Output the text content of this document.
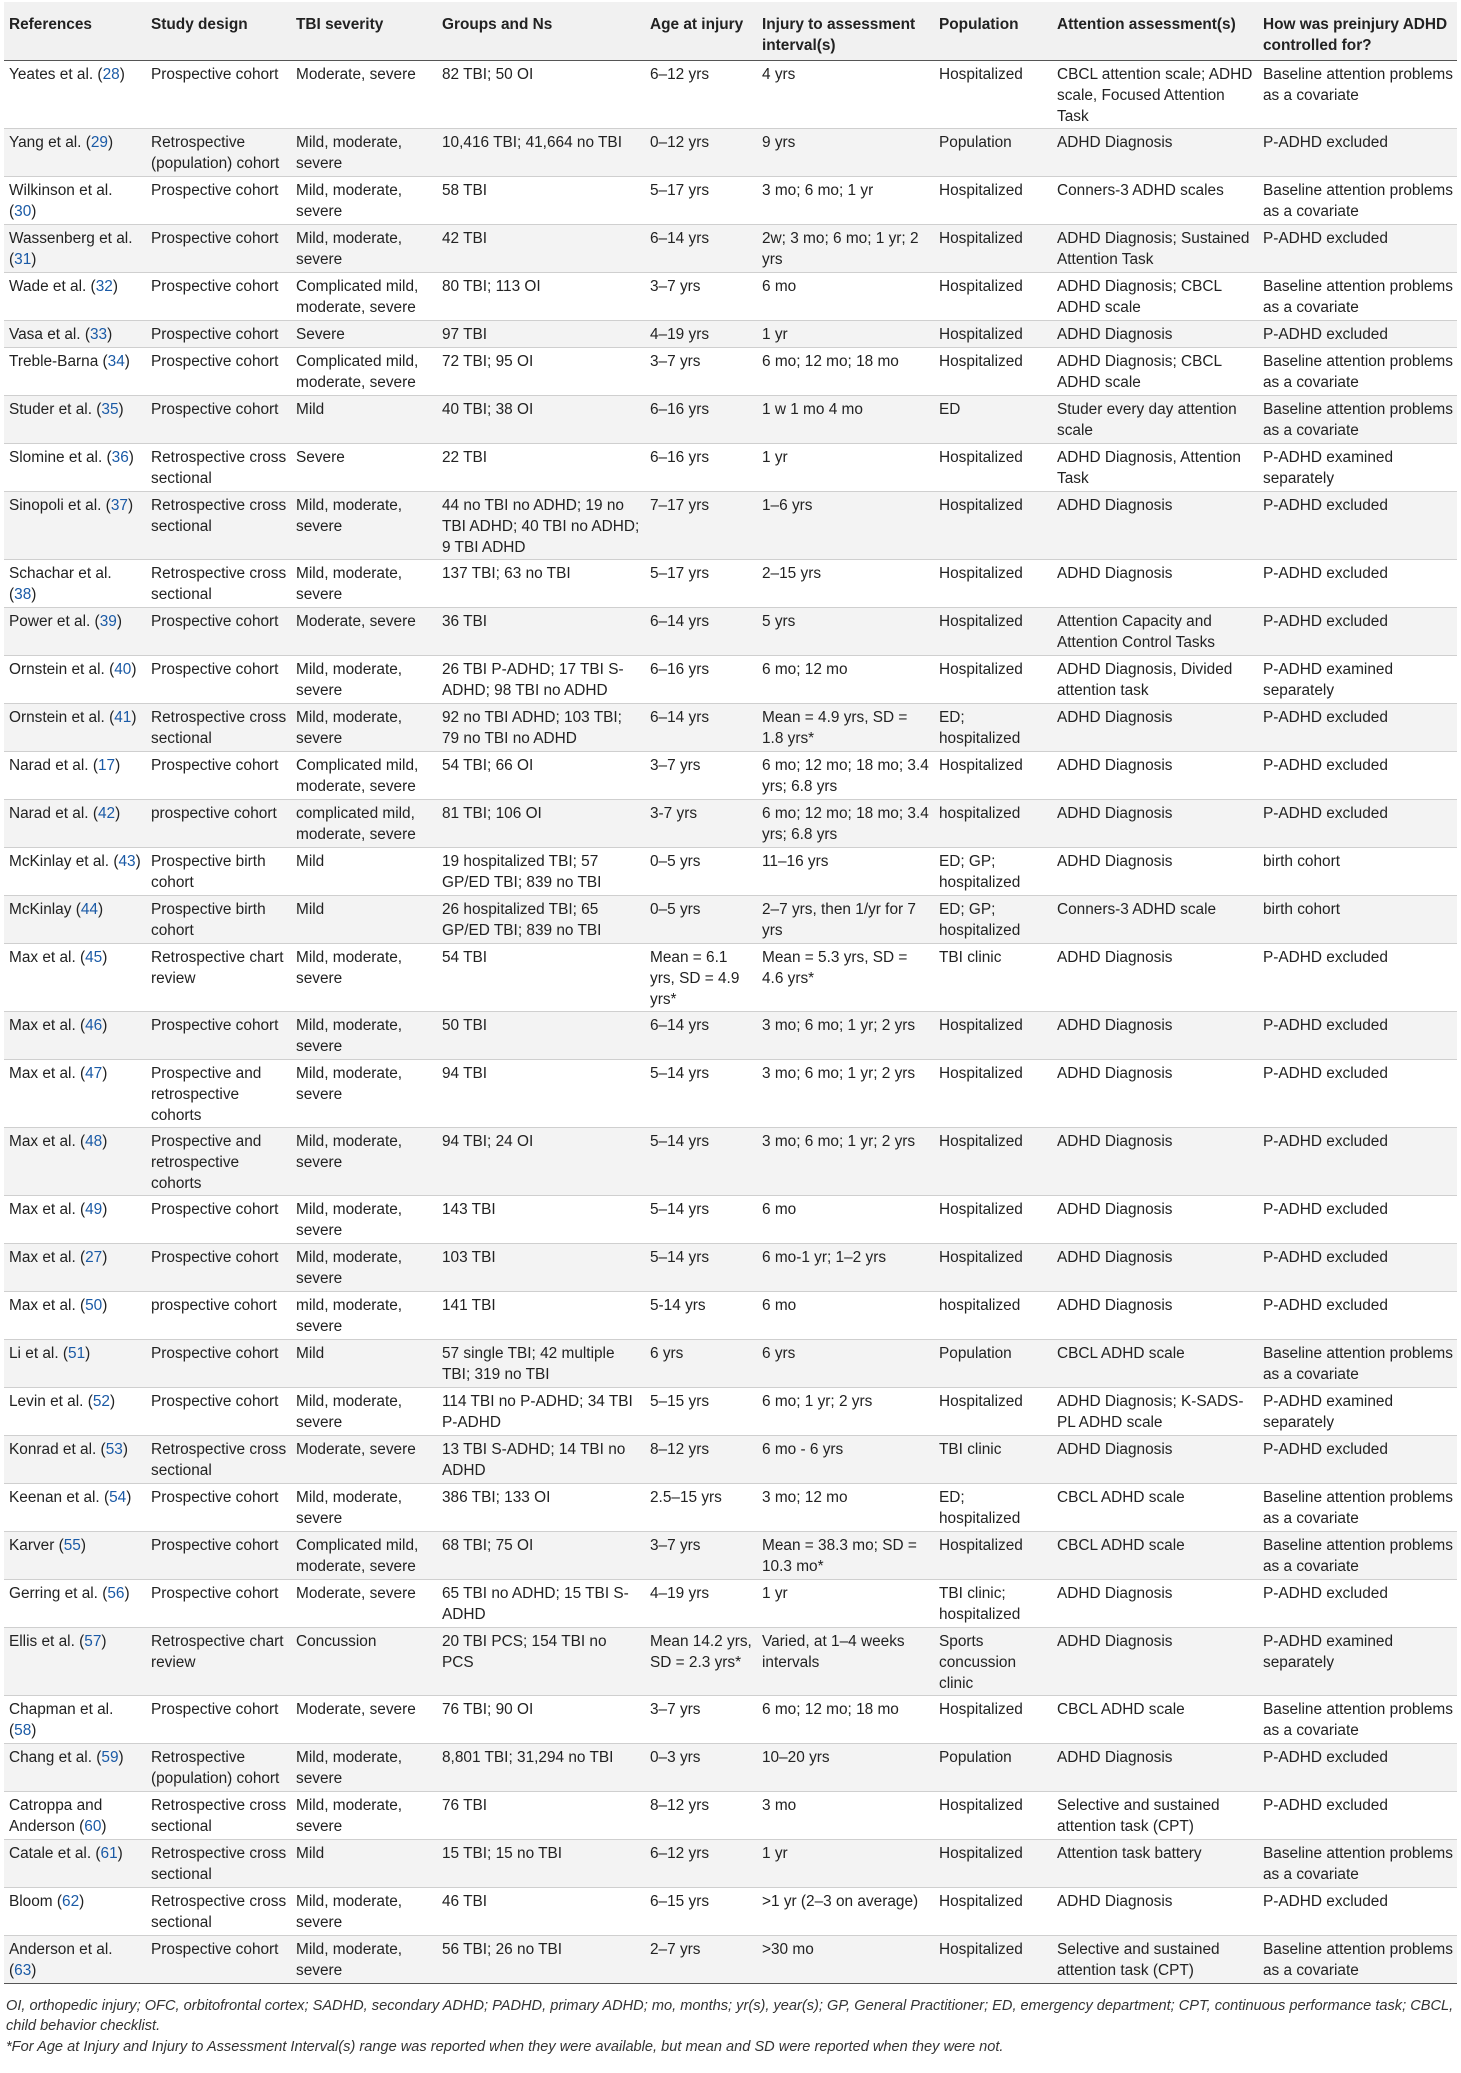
References	Study design	TBI severity	Groups and Ns	Age at injury	Injury to assessment interval(s)	Population	Attention assessment(s)	How was preinjury ADHD controlled for?
Yeates et al. (28)	Prospective cohort	Moderate, severe	82 TBI; 50 OI	6–12 yrs	4 yrs	Hospitalized	CBCL attention scale; ADHD scale, Focused Attention Task	Baseline attention problems as a covariate
Yang et al. (29)	Retrospective (population) cohort	Mild, moderate, severe	10,416 TBI; 41,664 no TBI	0–12 yrs	9 yrs	Population	ADHD Diagnosis	P-ADHD excluded
Wilkinson et al. (30)	Prospective cohort	Mild, moderate, severe	58 TBI	5–17 yrs	3 mo; 6 mo; 1 yr	Hospitalized	Conners-3 ADHD scales	Baseline attention problems as a covariate
Wassenberg et al. (31)	Prospective cohort	Mild, moderate, severe	42 TBI	6–14 yrs	2w; 3 mo; 6 mo; 1 yr; 2 yrs	Hospitalized	ADHD Diagnosis; Sustained Attention Task	P-ADHD excluded
Wade et al. (32)	Prospective cohort	Complicated mild, moderate, severe	80 TBI; 113 OI	3–7 yrs	6 mo	Hospitalized	ADHD Diagnosis; CBCL ADHD scale	Baseline attention problems as a covariate
Vasa et al. (33)	Prospective cohort	Severe	97 TBI	4–19 yrs	1 yr	Hospitalized	ADHD Diagnosis	P-ADHD excluded
Treble-Barna (34)	Prospective cohort	Complicated mild, moderate, severe	72 TBI; 95 OI	3–7 yrs	6 mo; 12 mo; 18 mo	Hospitalized	ADHD Diagnosis; CBCL ADHD scale	Baseline attention problems as a covariate
Studer et al. (35)	Prospective cohort	Mild	40 TBI; 38 OI	6–16 yrs	1 w 1 mo 4 mo	ED	Studer every day attention scale	Baseline attention problems as a covariate
Slomine et al. (36)	Retrospective cross sectional	Severe	22 TBI	6–16 yrs	1 yr	Hospitalized	ADHD Diagnosis, Attention Task	P-ADHD examined separately
Sinopoli et al. (37)	Retrospective cross sectional	Mild, moderate, severe	44 no TBI no ADHD; 19 no TBI ADHD; 40 TBI no ADHD; 9 TBI ADHD	7–17 yrs	1–6 yrs	Hospitalized	ADHD Diagnosis	P-ADHD excluded
Schachar et al. (38)	Retrospective cross sectional	Mild, moderate, severe	137 TBI; 63 no TBI	5–17 yrs	2–15 yrs	Hospitalized	ADHD Diagnosis	P-ADHD excluded
Power et al. (39)	Prospective cohort	Moderate, severe	36 TBI	6–14 yrs	5 yrs	Hospitalized	Attention Capacity and Attention Control Tasks	P-ADHD excluded
Ornstein et al. (40)	Prospective cohort	Mild, moderate, severe	26 TBI P-ADHD; 17 TBI S-ADHD; 98 TBI no ADHD	6–16 yrs	6 mo; 12 mo	Hospitalized	ADHD Diagnosis, Divided attention task	P-ADHD examined separately
Ornstein et al. (41)	Retrospective cross sectional	Mild, moderate, severe	92 no TBI ADHD; 103 TBI; 79 no TBI no ADHD	6–14 yrs	Mean = 4.9 yrs, SD = 1.8 yrs*	ED; hospitalized	ADHD Diagnosis	P-ADHD excluded
Narad et al. (17)	Prospective cohort	Complicated mild, moderate, severe	54 TBI; 66 OI	3–7 yrs	6 mo; 12 mo; 18 mo; 3.4 yrs; 6.8 yrs	Hospitalized	ADHD Diagnosis	P-ADHD excluded
Narad et al. (42)	prospective cohort	complicated mild, moderate, severe	81 TBI; 106 OI	3-7 yrs	6 mo; 12 mo; 18 mo; 3.4 yrs; 6.8 yrs	hospitalized	ADHD Diagnosis	P-ADHD excluded
McKinlay et al. (43)	Prospective birth cohort	Mild	19 hospitalized TBI; 57 GP/ED TBI; 839 no TBI	0–5 yrs	11–16 yrs	ED; GP; hospitalized	ADHD Diagnosis	birth cohort
McKinlay (44)	Prospective birth cohort	Mild	26 hospitalized TBI; 65 GP/ED TBI; 839 no TBI	0–5 yrs	2–7 yrs, then 1/yr for 7 yrs	ED; GP; hospitalized	Conners-3 ADHD scale	birth cohort
Max et al. (45)	Retrospective chart review	Mild, moderate, severe	54 TBI	Mean = 6.1 yrs, SD = 4.9 yrs*	Mean = 5.3 yrs, SD = 4.6 yrs*	TBI clinic	ADHD Diagnosis	P-ADHD excluded
Max et al. (46)	Prospective cohort	Mild, moderate, severe	50 TBI	6–14 yrs	3 mo; 6 mo; 1 yr; 2 yrs	Hospitalized	ADHD Diagnosis	P-ADHD excluded
Max et al. (47)	Prospective and retrospective cohorts	Mild, moderate, severe	94 TBI	5–14 yrs	3 mo; 6 mo; 1 yr; 2 yrs	Hospitalized	ADHD Diagnosis	P-ADHD excluded
Max et al. (48)	Prospective and retrospective cohorts	Mild, moderate, severe	94 TBI; 24 OI	5–14 yrs	3 mo; 6 mo; 1 yr; 2 yrs	Hospitalized	ADHD Diagnosis	P-ADHD excluded
Max et al. (49)	Prospective cohort	Mild, moderate, severe	143 TBI	5–14 yrs	6 mo	Hospitalized	ADHD Diagnosis	P-ADHD excluded
Max et al. (27)	Prospective cohort	Mild, moderate, severe	103 TBI	5–14 yrs	6 mo-1 yr; 1–2 yrs	Hospitalized	ADHD Diagnosis	P-ADHD excluded
Max et al. (50)	prospective cohort	mild, moderate, severe	141 TBI	5-14 yrs	6 mo	hospitalized	ADHD Diagnosis	P-ADHD excluded
Li et al. (51)	Prospective cohort	Mild	57 single TBI; 42 multiple TBI; 319 no TBI	6 yrs	6 yrs	Population	CBCL ADHD scale	Baseline attention problems as a covariate
Levin et al. (52)	Prospective cohort	Mild, moderate, severe	114 TBI no P-ADHD; 34 TBI P-ADHD	5–15 yrs	6 mo; 1 yr; 2 yrs	Hospitalized	ADHD Diagnosis; K-SADS-PL ADHD scale	P-ADHD examined separately
Konrad et al. (53)	Retrospective cross sectional	Moderate, severe	13 TBI S-ADHD; 14 TBI no ADHD	8–12 yrs	6 mo - 6 yrs	TBI clinic	ADHD Diagnosis	P-ADHD excluded
Keenan et al. (54)	Prospective cohort	Mild, moderate, severe	386 TBI; 133 OI	2.5–15 yrs	3 mo; 12 mo	ED; hospitalized	CBCL ADHD scale	Baseline attention problems as a covariate
Karver (55)	Prospective cohort	Complicated mild, moderate, severe	68 TBI; 75 OI	3–7 yrs	Mean = 38.3 mo; SD = 10.3 mo*	Hospitalized	CBCL ADHD scale	Baseline attention problems as a covariate
Gerring et al. (56)	Prospective cohort	Moderate, severe	65 TBI no ADHD; 15 TBI S-ADHD	4–19 yrs	1 yr	TBI clinic; hospitalized	ADHD Diagnosis	P-ADHD excluded
Ellis et al. (57)	Retrospective chart review	Concussion	20 TBI PCS; 154 TBI no PCS	Mean 14.2 yrs, SD = 2.3 yrs*	Varied, at 1–4 weeks intervals	Sports concussion clinic	ADHD Diagnosis	P-ADHD examined separately
Chapman et al. (58)	Prospective cohort	Moderate, severe	76 TBI; 90 OI	3–7 yrs	6 mo; 12 mo; 18 mo	Hospitalized	CBCL ADHD scale	Baseline attention problems as a covariate
Chang et al. (59)	Retrospective (population) cohort	Mild, moderate, severe	8,801 TBI; 31,294 no TBI	0–3 yrs	10–20 yrs	Population	ADHD Diagnosis	P-ADHD excluded
Catroppa and Anderson (60)	Retrospective cross sectional	Mild, moderate, severe	76 TBI	8–12 yrs	3 mo	Hospitalized	Selective and sustained attention task (CPT)	P-ADHD excluded
Catale et al. (61)	Retrospective cross sectional	Mild	15 TBI; 15 no TBI	6–12 yrs	1 yr	Hospitalized	Attention task battery	Baseline attention problems as a covariate
Bloom (62)	Retrospective cross sectional	Mild, moderate, severe	46 TBI	6–15 yrs	>1 yr (2–3 on average)	Hospitalized	ADHD Diagnosis	P-ADHD excluded
Anderson et al. (63)	Prospective cohort	Mild, moderate, severe	56 TBI; 26 no TBI	2–7 yrs	>30 mo	Hospitalized	Selective and sustained attention task (CPT)	Baseline attention problems as a covariate

OI, orthopedic injury; OFC, orbitofrontal cortex; SADHD, secondary ADHD; PADHD, primary ADHD; mo, months; yr(s), year(s); GP, General Practitioner; ED, emergency department; CPT, continuous performance task; CBCL, child behavior checklist.

*For Age at Injury and Injury to Assessment Interval(s) range was reported when they were available, but mean and SD were reported when they were not.
